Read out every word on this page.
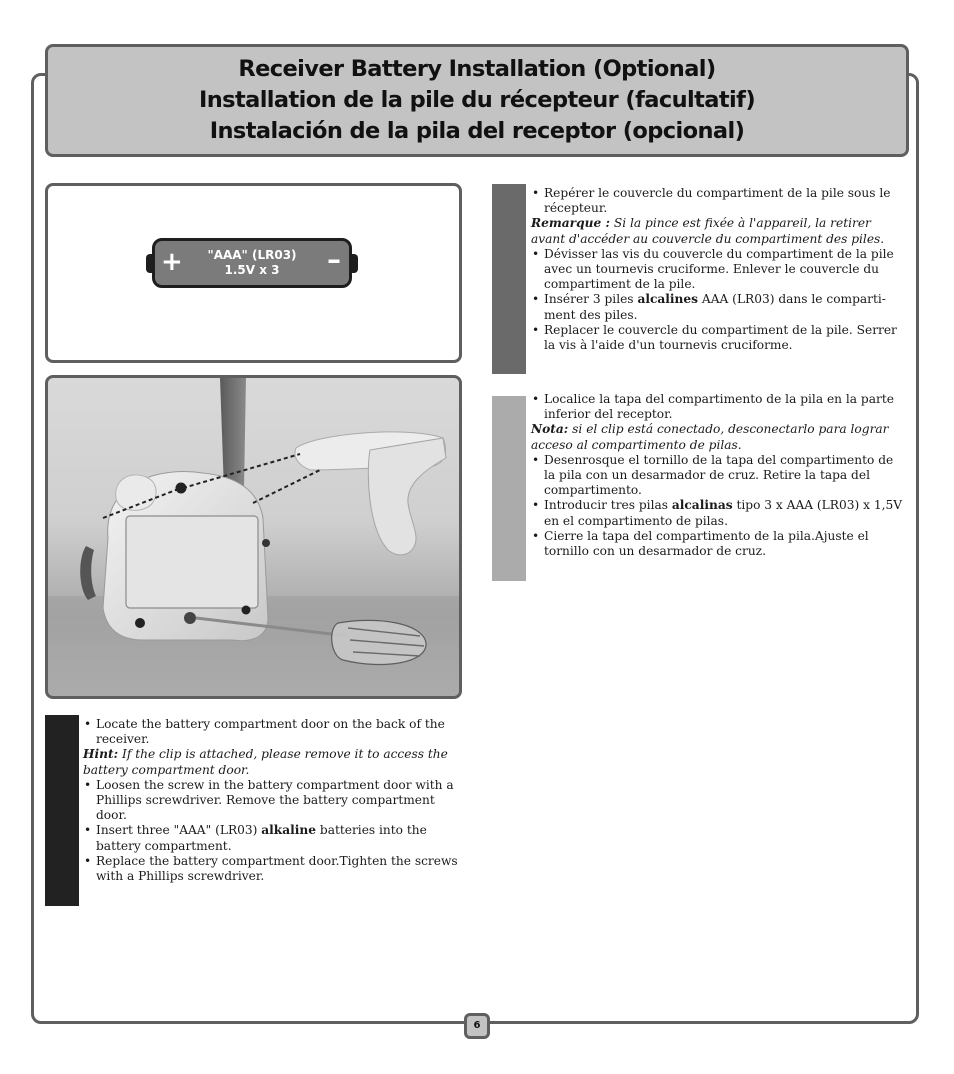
Receiver Battery Installation (Optional)
Installation de la pile du récepteur (facultatif)
Instalación de la pila del receptor (opcional)
+	–
"AAA" (LR03)
1.5V x 3
• Locate the battery compartment door on the back of the receiver.
Hint: If the clip is attached, please remove it to access the battery compartment door.
• Loosen the screw in the battery compartment door with a Phillips screwdriver. Remove the battery compartment door.
• Insert three "AAA" (LR03) alkaline batteries into the battery compartment.
• Replace the battery compartment door.Tighten the screws with a Phillips screwdriver.
• Repérer le couvercle du compartiment de la pile sous le récepteur.
Remarque : Si la pince est fixée à l'appareil, la retirer avant d'accéder au couvercle du compartiment des piles.
• Dévisser las vis du couvercle du compartiment de la pile avec un tournevis cruciforme. Enlever le couvercle du compartiment de la pile.
• Insérer 3 piles alcalines AAA (LR03) dans le comparti-ment des piles.
• Replacer le couvercle du compartiment de la pile. Serrer la vis à l'aide d'un tournevis cruciforme.
• Localice la tapa del compartimento de la pila en la parte inferior del receptor.
Nota: si el clip está conectado, desconectarlo para lograr acceso al compartimento de pilas.
• Desenrosque el tornillo de la tapa del compartimento de la pila con un desarmador de cruz. Retire la tapa del compartimento.
• Introducir tres pilas alcalinas tipo 3 x AAA (LR03) x 1,5V en el compartimento de pilas.
• Cierre la tapa del compartimento de la pila.Ajuste el tornillo con un desarmador de cruz.
6
